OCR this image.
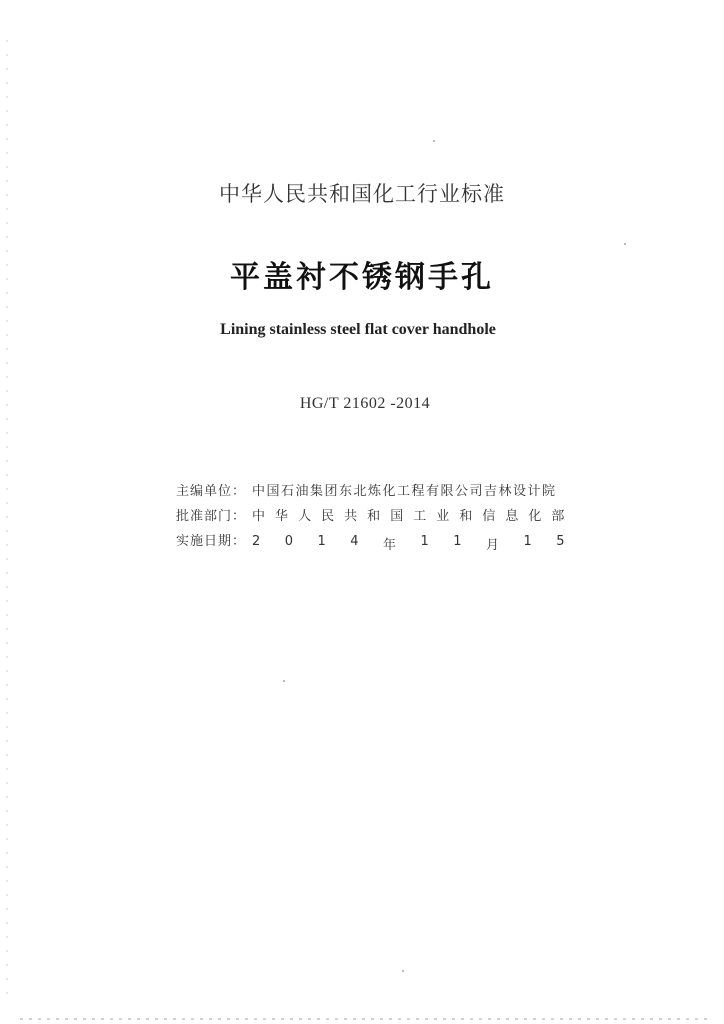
中华人民共和国化工行业标准
平盖衬不锈钢手孔
Lining stainless steel flat cover handhole
HG/T 21602 -2014
主编单位： 中国石油集团东北炼化工程有限公司吉林设计院
批准部门： 中 华 人 民 共 和 国 工 业 和 信 息 化 部
实施日期： 2 0 1 4 年 1 1 月 1 5
